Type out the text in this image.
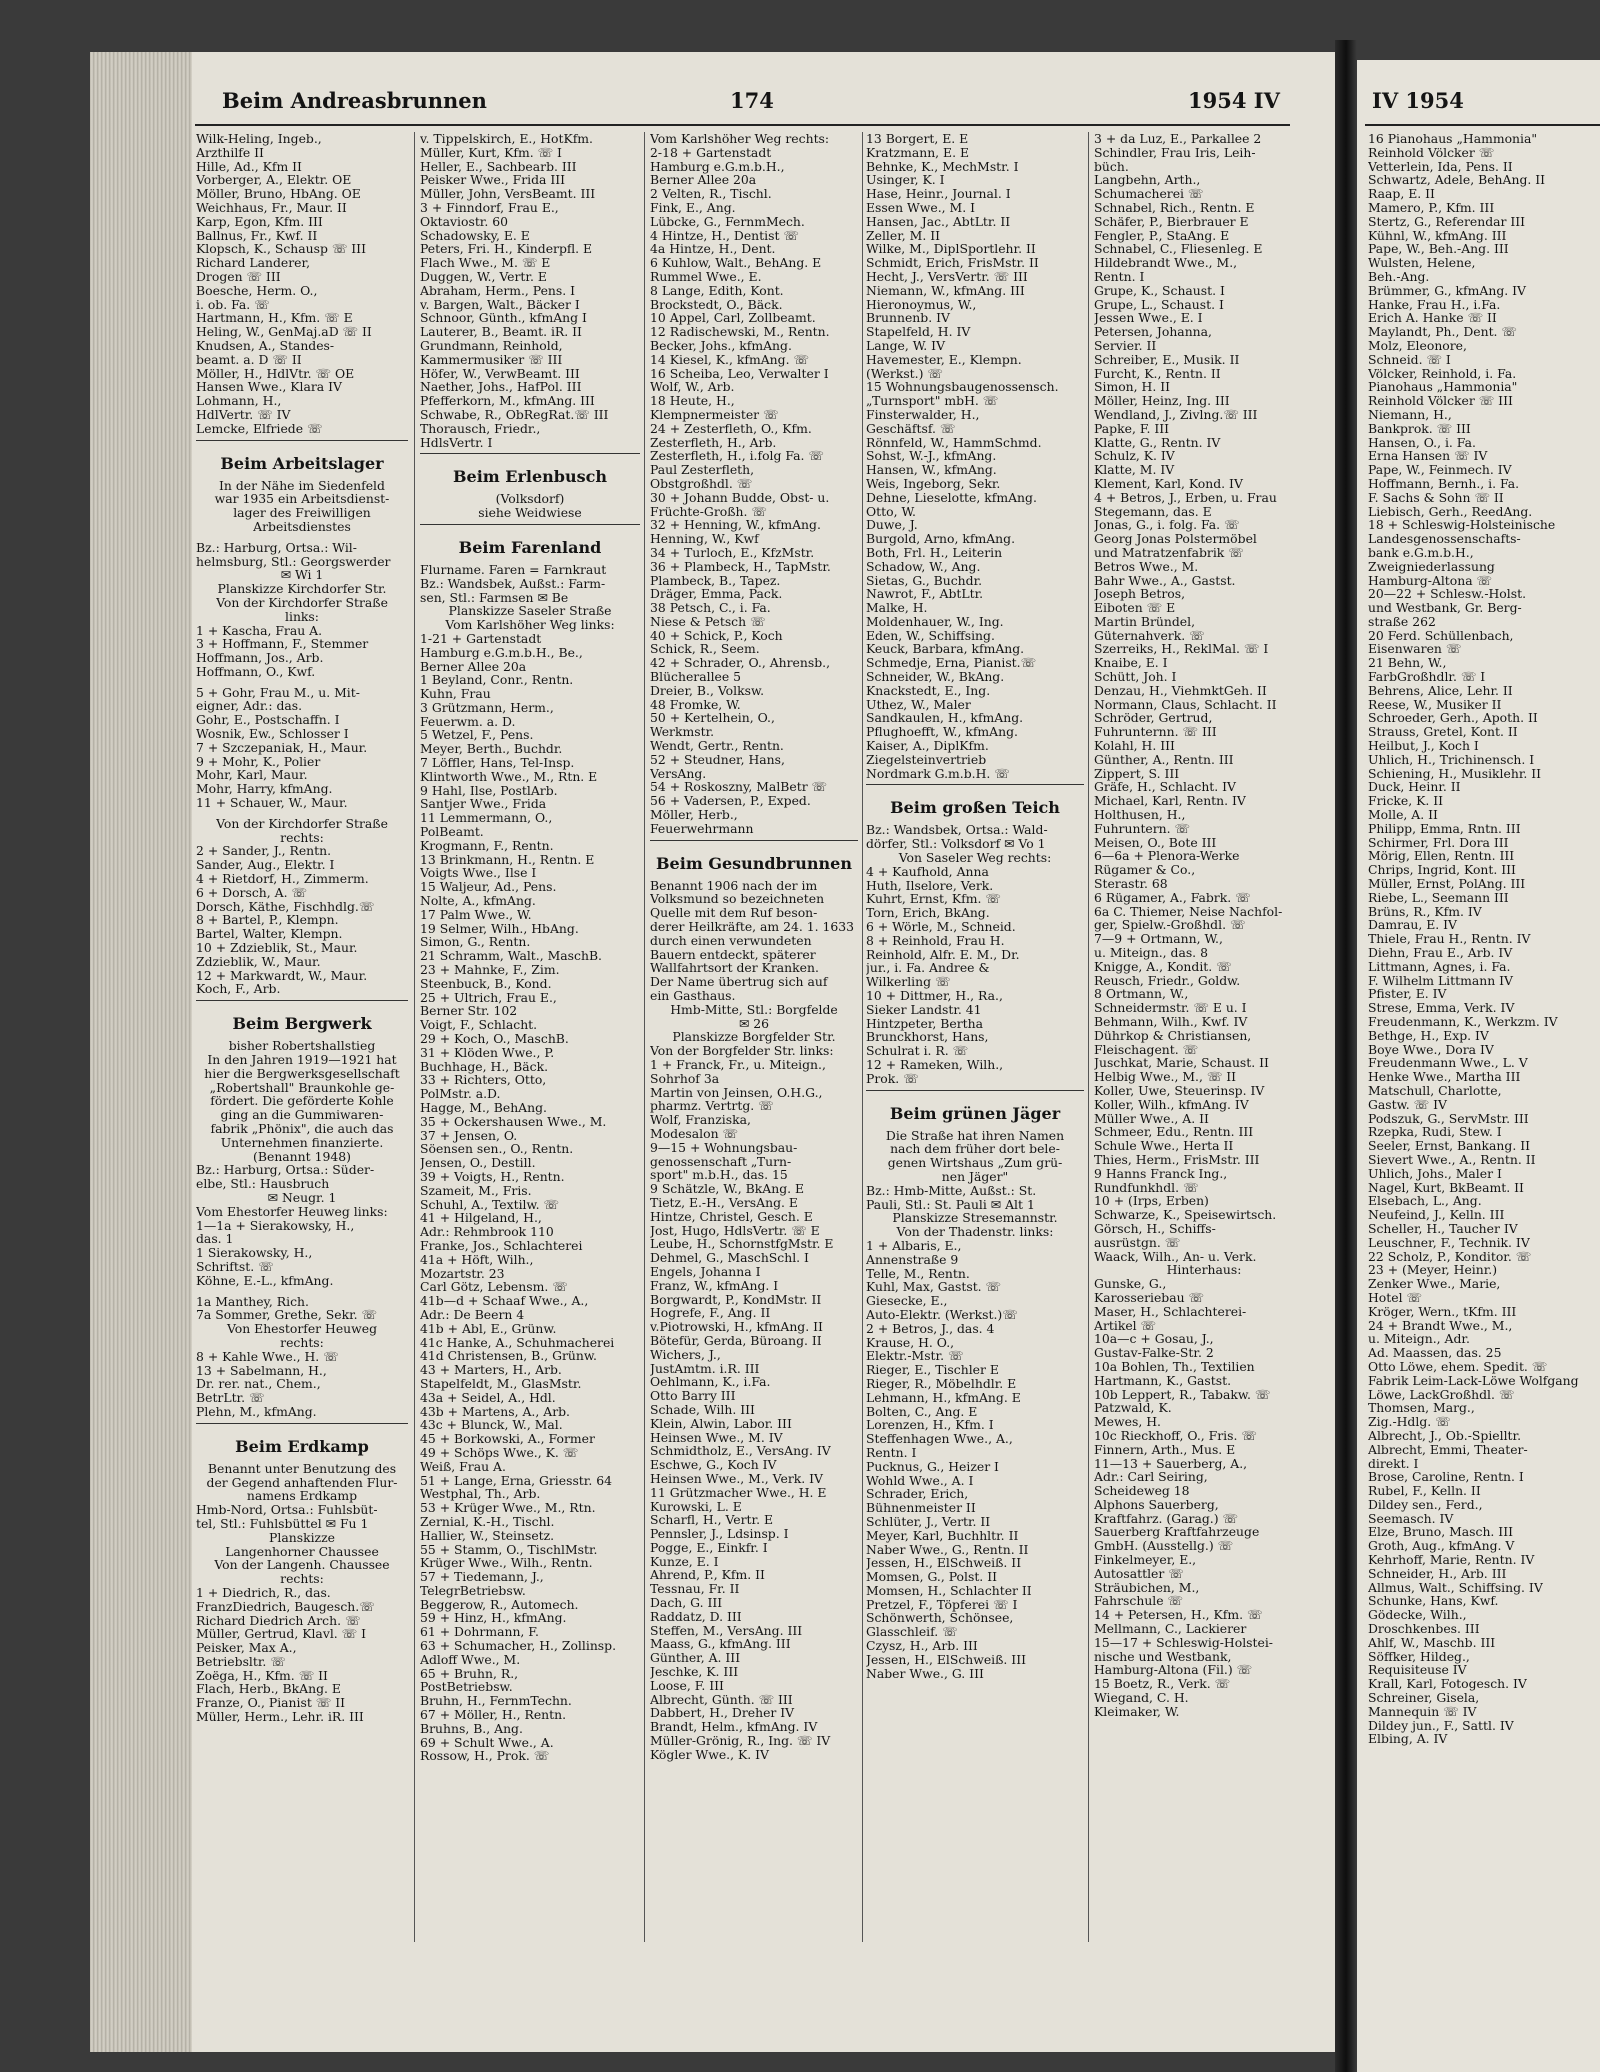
Beim Andreasbrunnen	174	1954 IV	IV 1954
Wilk-Heling, Ingeb.,
Arzthilfe II
Hille, Ad., Kfm II
Vorberger, A., Elektr. OE
Möller, Bruno, HbAng. OE
Weichhaus, Fr., Maur. II
Karp, Egon, Kfm. III
Ballnus, Fr., Kwf. II
Klopsch, K., Schausp ☏ III
Richard Landerer,
Drogen ☏ III
Boesche, Herm. O.,
i. ob. Fa. ☏
Hartmann, H., Kfm. ☏ E
Heling, W., GenMaj.aD ☏ II
Knudsen, A., Standes-
beamt. a. D ☏ II
Möller, H., HdlVtr. ☏ OE
Hansen Wwe., Klara IV
Lohmann, H.,
HdlVertr. ☏ IV
Lemcke, Elfriede ☏
Beim Arbeitslager
In der Nähe im Siedenfeld
war 1935 ein Arbeitsdienst-
lager des Freiwilligen
Arbeitsdienstes
Bz.: Harburg, Ortsa.: Wil-
helmsburg, Stl.: Georgswerder
✉ Wi 1
Planskizze Kirchdorfer Str.
Von der Kirchdorfer Straße
links:
1 + Kascha, Frau A.
3 + Hoffmann, F., Stemmer
Hoffmann, Jos., Arb.
Hoffmann, O., Kwf.
5 + Gohr, Frau M., u. Mit-
eigner, Adr.: das.
Gohr, E., Postschaffn. I
Wosnik, Ew., Schlosser I
7 + Szczepaniak, H., Maur.
9 + Mohr, K., Polier
Mohr, Karl, Maur.
Mohr, Harry, kfmAng.
11 + Schauer, W., Maur.
Von der Kirchdorfer Straße
rechts:
2 + Sander, J., Rentn.
Sander, Aug., Elektr. I
4 + Rietdorf, H., Zimmerm.
6 + Dorsch, A. ☏
Dorsch, Käthe, Fischhdlg.☏
8 + Bartel, P., Klempn.
Bartel, Walter, Klempn.
10 + Zdzieblik, St., Maur.
Zdzieblik, W., Maur.
12 + Markwardt, W., Maur.
Koch, F., Arb.
Beim Bergwerk
bisher Robertshallstieg
In den Jahren 1919—1921 hat
hier die Bergwerksgesellschaft
„Robertshall" Braunkohle ge-
fördert. Die geförderte Kohle
ging an die Gummiwaren-
fabrik „Phönix", die auch das
Unternehmen finanzierte.
(Benannt 1948)
Bz.: Harburg, Ortsa.: Süder-
elbe, Stl.: Hausbruch
✉ Neugr. 1
Vom Ehestorfer Heuweg links:
1—1a + Sierakowsky, H.,
das. 1
1 Sierakowsky, H.,
Schriftst. ☏
Köhne, E.-L., kfmAng.
1a Manthey, Rich.
7a Sommer, Grethe, Sekr. ☏
Von Ehestorfer Heuweg
rechts:
8 + Kahle Wwe., H. ☏
13 + Sabelmann, H.,
Dr. rer. nat., Chem.,
BetrLtr. ☏
Plehn, M., kfmAng.
Beim Erdkamp
Benannt unter Benutzung des
der Gegend anhaftenden Flur-
namens Erdkamp
Hmb-Nord, Ortsa.: Fuhlsbüt-
tel, Stl.: Fuhlsbüttel ✉ Fu 1
Planskizze
Langenhorner Chaussee
Von der Langenh. Chaussee
rechts:
1 + Diedrich, R., das.
FranzDiedrich, Baugesch.☏
Richard Diedrich Arch. ☏
Müller, Gertrud, Klavl. ☏ I
Peisker, Max A.,
Betriebsltr. ☏
Zoëga, H., Kfm. ☏ II
Flach, Herb., BkAng. E
Franze, O., Pianist ☏ II
Müller, Herm., Lehr. iR. III
v. Tippelskirch, E., HotKfm.
Müller, Kurt, Kfm. ☏ I
Heller, E., Sachbearb. III
Peisker Wwe., Frida III
Müller, John, VersBeamt. III
3 + Finndorf, Frau E.,
Oktaviostr. 60
Schadowsky, E. E
Peters, Fri. H., Kinderpfl. E
Flach Wwe., M. ☏ E
Duggen, W., Vertr. E
Abraham, Herm., Pens. I
v. Bargen, Walt., Bäcker I
Schnoor, Günth., kfmAng I
Lauterer, B., Beamt. iR. II
Grundmann, Reinhold,
Kammermusiker ☏ III
Höfer, W., VerwBeamt. III
Naether, Johs., HafPol. III
Pfefferkorn, M., kfmAng. III
Schwabe, R., ObRegRat.☏ III
Thorausch, Friedr.,
HdlsVertr. I
Beim Erlenbusch
(Volksdorf)
siehe Weidwiese
Beim Farenland
Flurname. Faren = Farnkraut
Bz.: Wandsbek, Außst.: Farm-
sen, Stl.: Farmsen ✉ Be
Planskizze Saseler Straße
Vom Karlshöher Weg links:
1-21 + Gartenstadt
Hamburg e.G.m.b.H., Be.,
Berner Allee 20a
1 Beyland, Conr., Rentn.
Kuhn, Frau
3 Grützmann, Herm.,
Feuerwm. a. D.
5 Wetzel, F., Pens.
Meyer, Berth., Buchdr.
7 Löffler, Hans, Tel-Insp.
Klintworth Wwe., M., Rtn. E
9 Hahl, Ilse, PostlArb.
Santjer Wwe., Frida
11 Lemmermann, O.,
PolBeamt.
Krogmann, F., Rentn.
13 Brinkmann, H., Rentn. E
Voigts Wwe., Ilse I
15 Waljeur, Ad., Pens.
Nolte, A., kfmAng.
17 Palm Wwe., W.
19 Selmer, Wilh., HbAng.
Simon, G., Rentn.
21 Schramm, Walt., MaschB.
23 + Mahnke, F., Zim.
Steenbuck, B., Kond.
25 + Ultrich, Frau E.,
Berner Str. 102
Voigt, F., Schlacht.
29 + Koch, O., MaschB.
31 + Klöden Wwe., P.
Buchhage, H., Bäck.
33 + Richters, Otto,
PolMstr. a.D.
Hagge, M., BehAng.
35 + Ockershausen Wwe., M.
37 + Jensen, O.
Söensen sen., O., Rentn.
Jensen, O., Destill.
39 + Voigts, H., Rentn.
Szameit, M., Fris.
Schuhl, A., Textilw. ☏
41 + Hilgeland, H.,
Adr.: Rehmbrook 110
Franke, Jos., Schlachterei
41a + Höft, Wilh.,
Mozartstr. 23
Carl Götz, Lebensm. ☏
41b—d + Schaaf Wwe., A.,
Adr.: De Beern 4
41b + Abl, E., Grünw.
41c Hanke, A., Schuhmacherei
41d Christensen, B., Grünw.
43 + Marters, H., Arb.
Stapelfeldt, M., GlasMstr.
43a + Seidel, A., Hdl.
43b + Martens, A., Arb.
43c + Blunck, W., Mal.
45 + Borkowski, A., Former
49 + Schöps Wwe., K. ☏
Weiß, Frau A.
51 + Lange, Erna, Griesstr. 64
Westphal, Th., Arb.
53 + Krüger Wwe., M., Rtn.
Zernial, K.-H., Tischl.
Hallier, W., Steinsetz.
55 + Stamm, O., TischlMstr.
Krüger Wwe., Wilh., Rentn.
57 + Tiedemann, J.,
TelegrBetriebsw.
Beggerow, R., Automech.
59 + Hinz, H., kfmAng.
61 + Dohrmann, F.
63 + Schumacher, H., Zollinsp.
Adloff Wwe., M.
65 + Bruhn, R.,
PostBetriebsw.
Bruhn, H., FernmTechn.
67 + Möller, H., Rentn.
Bruhns, B., Ang.
69 + Schult Wwe., A.
Rossow, H., Prok. ☏
Vom Karlshöher Weg rechts:
2-18 + Gartenstadt
Hamburg e.G.m.b.H.,
Berner Allee 20a
2 Velten, R., Tischl.
Fink, E., Ang.
Lübcke, G., FernmMech.
4 Hintze, H., Dentist ☏
4a Hintze, H., Dent.
6 Kuhlow, Walt., BehAng. E
Rummel Wwe., E.
8 Lange, Edith, Kont.
Brockstedt, O., Bäck.
10 Appel, Carl, Zollbeamt.
12 Radischewski, M., Rentn.
Becker, Johs., kfmAng.
14 Kiesel, K., kfmAng. ☏
16 Scheiba, Leo, Verwalter I
Wolf, W., Arb.
18 Heute, H.,
Klempnermeister ☏
24 + Zesterfleth, O., Kfm.
Zesterfleth, H., Arb.
Zesterfleth, H., i.folg Fa. ☏
Paul Zesterfleth,
Obstgroßhdl. ☏
30 + Johann Budde, Obst- u.
Früchte-Großh. ☏
32 + Henning, W., kfmAng.
Henning, W., Kwf
34 + Turloch, E., KfzMstr.
36 + Plambeck, H., TapMstr.
Plambeck, B., Tapez.
Dräger, Emma, Pack.
38 Petsch, C., i. Fa.
Niese & Petsch ☏
40 + Schick, P., Koch
Schick, R., Seem.
42 + Schrader, O., Ahrensb.,
Blücherallee 5
Dreier, B., Volksw.
48 Fromke, W.
50 + Kertelhein, O.,
Werkmstr.
Wendt, Gertr., Rentn.
52 + Steudner, Hans,
VersAng.
54 + Roskoszny, MalBetr ☏
56 + Vadersen, P., Exped.
Möller, Herb.,
Feuerwehrmann
Beim Gesundbrunnen
Benannt 1906 nach der im
Volksmund so bezeichneten
Quelle mit dem Ruf beson-
derer Heilkräfte, am 24. 1. 1633
durch einen verwundeten
Bauern entdeckt, späterer
Wallfahrtsort der Kranken.
Der Name übertrug sich auf
ein Gasthaus.
Hmb-Mitte, Stl.: Borgfelde
✉ 26
Planskizze Borgfelder Str.
Von der Borgfelder Str. links:
1 + Franck, Fr., u. Miteign.,
Sohrhof 3a
Martin von Jeinsen, O.H.G.,
pharmz. Vertrtg. ☏
Wolf, Franziska,
Modesalon ☏
9—15 + Wohnungsbau-
genossenschaft „Turn-
sport" m.b.H., das. 15
9 Schätzle, W., BkAng. E
Tietz, E.-H., VersAng. E
Hintze, Christel, Gesch. E
Jost, Hugo, HdlsVertr. ☏ E
Leube, H., SchornstfgMstr. E
Dehmel, G., MaschSchl. I
Engels, Johanna I
Franz, W., kfmAng. I
Borgwardt, P., KondMstr. II
Hogrefe, F., Ang. II
v.Piotrowski, H., kfmAng. II
Bötefür, Gerda, Büroang. II
Wichers, J.,
JustAmtm. i.R. III
Oehlmann, K., i.Fa.
Otto Barry III
Schade, Wilh. III
Klein, Alwin, Labor. III
Heinsen Wwe., M. IV
Schmidtholz, E., VersAng. IV
Eschwe, G., Koch IV
Heinsen Wwe., M., Verk. IV
11 Grützmacher Wwe., H. E
Kurowski, L. E
Scharfl, H., Vertr. E
Pennsler, J., Ldsinsp. I
Pogge, E., Einkfr. I
Kunze, E. I
Ahrend, P., Kfm. II
Tessnau, Fr. II
Dach, G. III
Raddatz, D. III
Steffen, M., VersAng. III
Maass, G., kfmAng. III
Günther, A. III
Jeschke, K. III
Loose, F. III
Albrecht, Günth. ☏ III
Dabbert, H., Dreher IV
Brandt, Helm., kfmAng. IV
Müller-Grönig, R., Ing. ☏ IV
Kögler Wwe., K. IV
13 Borgert, E. E
Kratzmann, E. E
Behnke, K., MechMstr. I
Usinger, K. I
Hase, Heinr., Journal. I
Essen Wwe., M. I
Hansen, Jac., AbtLtr. II
Zeller, M. II
Wilke, M., DiplSportlehr. II
Schmidt, Erich, FrisMstr. II
Hecht, J., VersVertr. ☏ III
Niemann, W., kfmAng. III
Hieronoymus, W.,
Brunnenb. IV
Stapelfeld, H. IV
Lange, W. IV
Havemester, E., Klempn.
(Werkst.) ☏
15 Wohnungsbaugenossensch.
„Turnsport" mbH. ☏
Finsterwalder, H.,
Geschäftsf. ☏
Rönnfeld, W., HammSchmd.
Sohst, W.-J., kfmAng.
Hansen, W., kfmAng.
Weis, Ingeborg, Sekr.
Dehne, Lieselotte, kfmAng.
Otto, W.
Duwe, J.
Burgold, Arno, kfmAng.
Both, Frl. H., Leiterin
Schadow, W., Ang.
Sietas, G., Buchdr.
Nawrot, F., AbtLtr.
Malke, H.
Moldenhauer, W., Ing.
Eden, W., Schiffsing.
Keuck, Barbara, kfmAng.
Schmedje, Erna, Pianist.☏
Schneider, W., BkAng.
Knackstedt, E., Ing.
Uthez, W., Maler
Sandkaulen, H., kfmAng.
Pflughoefft, W., kfmAng.
Kaiser, A., DiplKfm.
Ziegelsteinvertrieb
Nordmark G.m.b.H. ☏
Beim großen Teich
Bz.: Wandsbek, Ortsa.: Wald-
dörfer, Stl.: Volksdorf ✉ Vo 1
Von Saseler Weg rechts:
4 + Kaufhold, Anna
Huth, Ilselore, Verk.
Kuhrt, Ernst, Kfm. ☏
Torn, Erich, BkAng.
6 + Wörle, M., Schneid.
8 + Reinhold, Frau H.
Reinhold, Alfr. E. M., Dr.
jur., i. Fa. Andree &
Wilkerling ☏
10 + Dittmer, H., Ra.,
Sieker Landstr. 41
Hintzpeter, Bertha
Brunckhorst, Hans,
Schulrat i. R. ☏
12 + Rameken, Wilh.,
Prok. ☏
Beim grünen Jäger
Die Straße hat ihren Namen
nach dem früher dort bele-
genen Wirtshaus „Zum grü-
nen Jäger"
Bz.: Hmb-Mitte, Außst.: St.
Pauli, Stl.: St. Pauli ✉ Alt 1
Planskizze Stresemannstr.
Von der Thadenstr. links:
1 + Albaris, E.,
Annenstraße 9
Telle, M., Rentn.
Kuhl, Max, Gastst. ☏
Giesecke, E.,
Auto-Elektr. (Werkst.)☏
2 + Betros, J., das. 4
Krause, H. O.,
Elektr.-Mstr. ☏
Rieger, E., Tischler E
Rieger, R., Möbelhdlr. E
Lehmann, H., kfmAng. E
Bolten, C., Ang. E
Lorenzen, H., Kfm. I
Steffenhagen Wwe., A.,
Rentn. I
Pucknus, G., Heizer I
Wohld Wwe., A. I
Schrader, Erich,
Bühnenmeister II
Schlüter, J., Vertr. II
Meyer, Karl, Buchhltr. II
Naber Wwe., G., Rentn. II
Jessen, H., ElSchweiß. II
Momsen, G., Polst. II
Momsen, H., Schlachter II
Pretzel, F., Töpferei ☏ I
Schönwerth, Schönsee,
Glasschleif. ☏
Czysz, H., Arb. III
Jessen, H., ElSchweiß. III
Naber Wwe., G. III
3 + da Luz, E., Parkallee 2
Schindler, Frau Iris, Leih-
büch.
Langbehn, Arth.,
Schumacherei ☏
Schnabel, Rich., Rentn. E
Schäfer, P., Bierbrauer E
Fengler, P., StaAng. E
Schnabel, C., Fliesenleg. E
Hildebrandt Wwe., M.,
Rentn. I
Grupe, K., Schaust. I
Grupe, L., Schaust. I
Jessen Wwe., E. I
Petersen, Johanna,
Servier. II
Schreiber, E., Musik. II
Furcht, K., Rentn. II
Simon, H. II
Möller, Heinz, Ing. III
Wendland, J., Zivlng.☏ III
Papke, F. III
Klatte, G., Rentn. IV
Schulz, K. IV
Klatte, M. IV
Klement, Karl, Kond. IV
4 + Betros, J., Erben, u. Frau
Stegemann, das. E
Jonas, G., i. folg. Fa. ☏
Georg Jonas Polstermöbel
und Matratzenfabrik ☏
Betros Wwe., M.
Bahr Wwe., A., Gastst.
Joseph Betros,
Eiboten ☏ E
Martin Bründel,
Güternahverk. ☏
Szerreiks, H., ReklMal. ☏ I
Knaibe, E. I
Schütt, Joh. I
Denzau, H., ViehmktGeh. II
Normann, Claus, Schlacht. II
Schröder, Gertrud,
Fuhrunternn. ☏ III
Kolahl, H. III
Günther, A., Rentn. III
Zippert, S. III
Gräfe, H., Schlacht. IV
Michael, Karl, Rentn. IV
Holthusen, H.,
Fuhruntern. ☏
Meisen, O., Bote III
6—6a + Plenora-Werke
Rügamer & Co.,
Sterastr. 68
6 Rügamer, A., Fabrk. ☏
6a C. Thiemer, Neise Nachfol-
ger, Spielw.-Großhdl. ☏
7—9 + Ortmann, W.,
u. Miteign., das. 8
Knigge, A., Kondit. ☏
Reusch, Friedr., Goldw.
8 Ortmann, W.,
Schneidermstr. ☏ E u. I
Behmann, Wilh., Kwf. IV
Dührkop & Christiansen,
Fleischagent. ☏
Juschkat, Marie, Schaust. II
Helbig Wwe., M., ☏ II
Koller, Uwe, Steuerinsp. IV
Koller, Wilh., kfmAng. IV
Müller Wwe., A. II
Schmeer, Edu., Rentn. III
Schule Wwe., Herta II
Thies, Herm., FrisMstr. III
9 Hanns Franck Ing.,
Rundfunkhdl. ☏
10 + (Irps, Erben)
Schwarze, K., Speisewirtsch.
Görsch, H., Schiffs-
ausrüstgn. ☏
Waack, Wilh., An- u. Verk.
Hinterhaus:
Gunske, G.,
Karosseriebau ☏
Maser, H., Schlachterei-
Artikel ☏
10a—c + Gosau, J.,
Gustav-Falke-Str. 2
10a Bohlen, Th., Textilien
Hartmann, K., Gastst.
10b Leppert, R., Tabakw. ☏
Patzwald, K.
Mewes, H.
10c Rieckhoff, O., Fris. ☏
Finnern, Arth., Mus. E
11—13 + Sauerberg, A.,
Adr.: Carl Seiring,
Scheideweg 18
Alphons Sauerberg,
Kraftfahrz. (Garag.) ☏
Sauerberg Kraftfahrzeuge
GmbH. (Ausstellg.) ☏
Finkelmeyer, E.,
Autosattler ☏
Sträubichen, M.,
Fahrschule ☏
14 + Petersen, H., Kfm. ☏
Mellmann, C., Lackierer
15—17 + Schleswig-Holstei-
nische und Westbank,
Hamburg-Altona (Fil.) ☏
15 Boetz, R., Verk. ☏
Wiegand, C. H.
Kleimaker, W.
16 Pianohaus „Hammonia"
Reinhold Völcker ☏
Vetterlein, Ida, Pens. II
Schwartz, Adele, BehAng. II
Raap, E. II
Mamero, P., Kfm. III
Stertz, G., Referendar III
Kühnl, W., kfmAng. III
Pape, W., Beh.-Ang. III
Wulsten, Helene,
Beh.-Ang.
Brümmer, G., kfmAng. IV
Hanke, Frau H., i.Fa.
Erich A. Hanke ☏ II
Maylandt, Ph., Dent. ☏
Molz, Eleonore,
Schneid. ☏ I
Völcker, Reinhold, i. Fa.
Pianohaus „Hammonia"
Reinhold Völcker ☏ III
Niemann, H.,
Bankprok. ☏ III
Hansen, O., i. Fa.
Erna Hansen ☏ IV
Pape, W., Feinmech. IV
Hoffmann, Bernh., i. Fa.
F. Sachs & Sohn ☏ II
Liebisch, Gerh., ReedAng.
18 + Schleswig-Holsteinische
Landesgenossenschafts-
bank e.G.m.b.H.,
Zweigniederlassung
Hamburg-Altona ☏
20—22 + Schlesw.-Holst.
und Westbank, Gr. Berg-
straße 262
20 Ferd. Schüllenbach,
Eisenwaren ☏
21 Behn, W.,
FarbGroßhdlr. ☏ I
Behrens, Alice, Lehr. II
Reese, W., Musiker II
Schroeder, Gerh., Apoth. II
Strauss, Gretel, Kont. II
Heilbut, J., Koch I
Uhlich, H., Trichinensch. I
Schiening, H., Musiklehr. II
Duck, Heinr. II
Fricke, K. II
Molle, A. II
Philipp, Emma, Rntn. III
Schirmer, Frl. Dora III
Mörig, Ellen, Rentn. III
Chrips, Ingrid, Kont. III
Müller, Ernst, PolAng. III
Riebe, L., Seemann III
Brüns, R., Kfm. IV
Damrau, E. IV
Thiele, Frau H., Rentn. IV
Diehn, Frau E., Arb. IV
Littmann, Agnes, i. Fa.
F. Wilhelm Littmann IV
Pfister, E. IV
Strese, Emma, Verk. IV
Freudenmann, K., Werkzm. IV
Bethge, H., Exp. IV
Boye Wwe., Dora IV
Freudenmann Wwe., L. V
Henke Wwe., Martha III
Matschull, Charlotte,
Gastw. ☏ IV
Podszuk, G., ServMstr. III
Rzepka, Rudi, Stew. I
Seeler, Ernst, Bankang. II
Sievert Wwe., A., Rentn. II
Uhlich, Johs., Maler I
Nagel, Kurt, BkBeamt. II
Elsebach, L., Ang.
Neufeind, J., Kelln. III
Scheller, H., Taucher IV
Leuschner, F., Technik. IV
22 Scholz, P., Konditor. ☏
23 + (Meyer, Heinr.)
Zenker Wwe., Marie,
Hotel ☏
Kröger, Wern., tKfm. III
24 + Brandt Wwe., M.,
u. Miteign., Adr.
Ad. Maassen, das. 25
Otto Löwe, ehem. Spedit. ☏
Fabrik Leim-Lack-Löwe Wolfgang
Löwe, LackGroßhdl. ☏
Thomsen, Marg.,
Zig.-Hdlg. ☏
Albrecht, J., Ob.-Spielltr.
Albrecht, Emmi, Theater-
direkt. I
Brose, Caroline, Rentn. I
Rubel, F., Kelln. II
Dildey sen., Ferd.,
Seemasch. IV
Elze, Bruno, Masch. III
Groth, Aug., kfmAng. V
Kehrhoff, Marie, Rentn. IV
Schneider, H., Arb. III
Allmus, Walt., Schiffsing. IV
Schunke, Hans, Kwf.
Gödecke, Wilh.,
Droschkenbes. III
Ahlf, W., Maschb. III
Söffker, Hildeg.,
Requisiteuse IV
Krall, Karl, Fotogesch. IV
Schreiner, Gisela,
Mannequin ☏ IV
Dildey jun., F., Sattl. IV
Elbing, A. IV
